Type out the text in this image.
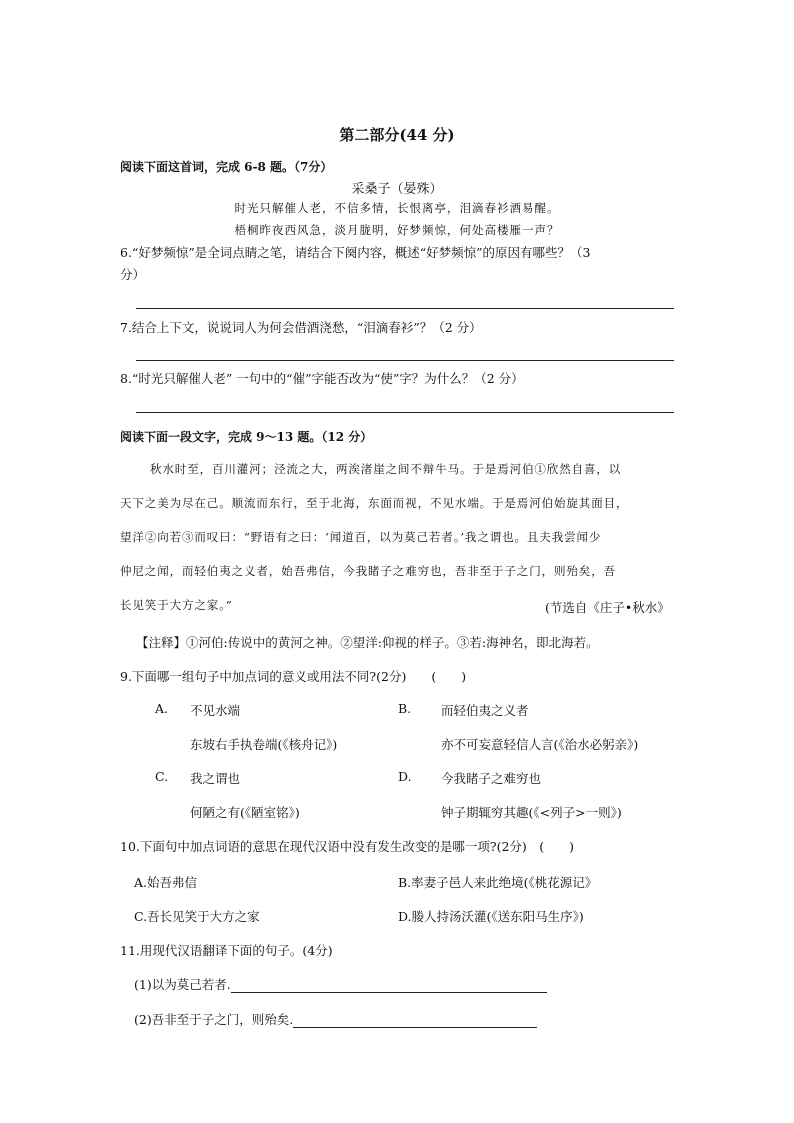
第二部分(44 分)
阅读下面这首词，完成 6-8 题。（7分）
采桑子（晏殊）
时光只解催人老，不信多情，长恨离亭，泪滴春衫酒易醒。
梧桐昨夜西风急，淡月胧明，好梦频惊，何处高楼雁一声？
6.“好梦频惊”是全词点睛之笔，请结合下阕内容，概述“好梦频惊”的原因有哪些？（3
分）
7.结合上下文，说说词人为何会借酒浇愁，“泪滴春衫”？（2 分）
8.“时光只解催人老” 一句中的“催”字能否改为“使”字？为什么？（2 分）
阅读下面一段文字，完成 9～13 题。（12 分）
秋水时至，百川灌河；泾流之大，两涘渚崖之间不辩牛马。于是焉河伯①欣然自喜，以
天下之美为尽在己。顺流而东行，至于北海，东面而视，不见水端。于是焉河伯始旋其面目，
望洋②向若③而叹曰：“野语有之曰：‘闻道百，以为莫己若者。’我之谓也。且夫我尝闻少
仲尼之闻，而轻伯夷之义者，始吾弗信，今我睹子之难穷也，吾非至于子之门，则殆矣，吾
长见笑于大方之家。”	(节选自《庄子•秋水》
【注释】①河伯:传说中的黄河之神。②望洋:仰视的样子。③若:海神名，即北海若。
9.下面哪一组句子中加点词的意义或用法不同?(2分)　　(　　)
A. 不见水端
东坡右手执卷端(《核舟记》)
B. 而轻伯夷之义者
亦不可妄意轻信人言(《治水必躬亲》)
C. 我之谓也
何陋之有(《陋室铭》)
D. 今我睹子之难穷也
钟子期辄穷其趣(《<列子>一则》)
10.下面句中加点词语的意思在现代汉语中没有发生改变的是哪一项?(2分)　(　　)
A.始吾弗信	B.率妻子邑人来此绝境(《桃花源记》
C.吾长见笑于大方之家	D.媵人持汤沃灌(《送东阳马生序》)
11.用现代汉语翻译下面的句子。(4分)
(1)以为莫己若者.
(2)吾非至于子之门，则殆矣.
